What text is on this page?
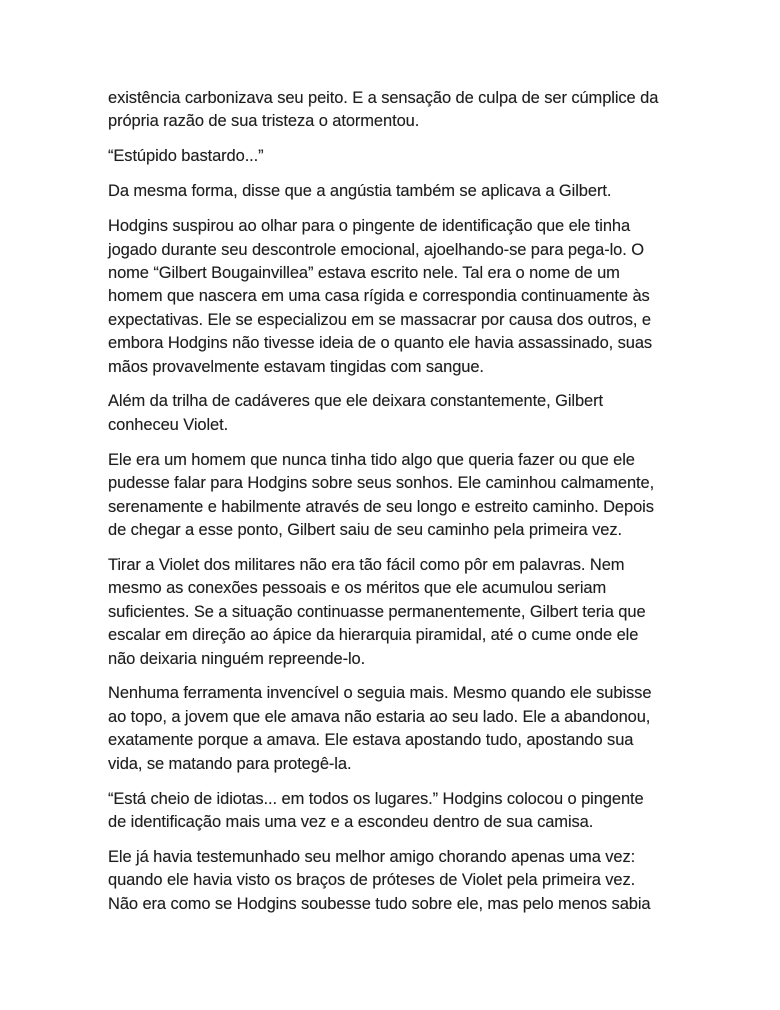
existência carbonizava seu peito. E a sensação de culpa de ser cúmplice da
própria razão de sua tristeza o atormentou.

“Estúpido bastardo...”

Da mesma forma, disse que a angústia também se aplicava a Gilbert.

Hodgins suspirou ao olhar para o pingente de identificação que ele tinha
jogado durante seu descontrole emocional, ajoelhando-se para pega-lo. O
nome “Gilbert Bougainvillea” estava escrito nele. Tal era o nome de um
homem que nascera em uma casa rígida e correspondia continuamente às
expectativas. Ele se especializou em se massacrar por causa dos outros, e
embora Hodgins não tivesse ideia de o quanto ele havia assassinado, suas
mãos provavelmente estavam tingidas com sangue.

Além da trilha de cadáveres que ele deixara constantemente, Gilbert
conheceu Violet.

Ele era um homem que nunca tinha tido algo que queria fazer ou que ele
pudesse falar para Hodgins sobre seus sonhos. Ele caminhou calmamente,
serenamente e habilmente através de seu longo e estreito caminho. Depois
de chegar a esse ponto, Gilbert saiu de seu caminho pela primeira vez.

Tirar a Violet dos militares não era tão fácil como pôr em palavras. Nem
mesmo as conexões pessoais e os méritos que ele acumulou seriam
suficientes. Se a situação continuasse permanentemente, Gilbert teria que
escalar em direção ao ápice da hierarquia piramidal, até o cume onde ele
não deixaria ninguém repreende-lo.

Nenhuma ferramenta invencível o seguia mais. Mesmo quando ele subisse
ao topo, a jovem que ele amava não estaria ao seu lado. Ele a abandonou,
exatamente porque a amava. Ele estava apostando tudo, apostando sua
vida, se matando para protegê-la.

“Está cheio de idiotas... em todos os lugares.” Hodgins colocou o pingente
de identificação mais uma vez e a escondeu dentro de sua camisa.

Ele já havia testemunhado seu melhor amigo chorando apenas uma vez:
quando ele havia visto os braços de próteses de Violet pela primeira vez.
Não era como se Hodgins soubesse tudo sobre ele, mas pelo menos sabia
